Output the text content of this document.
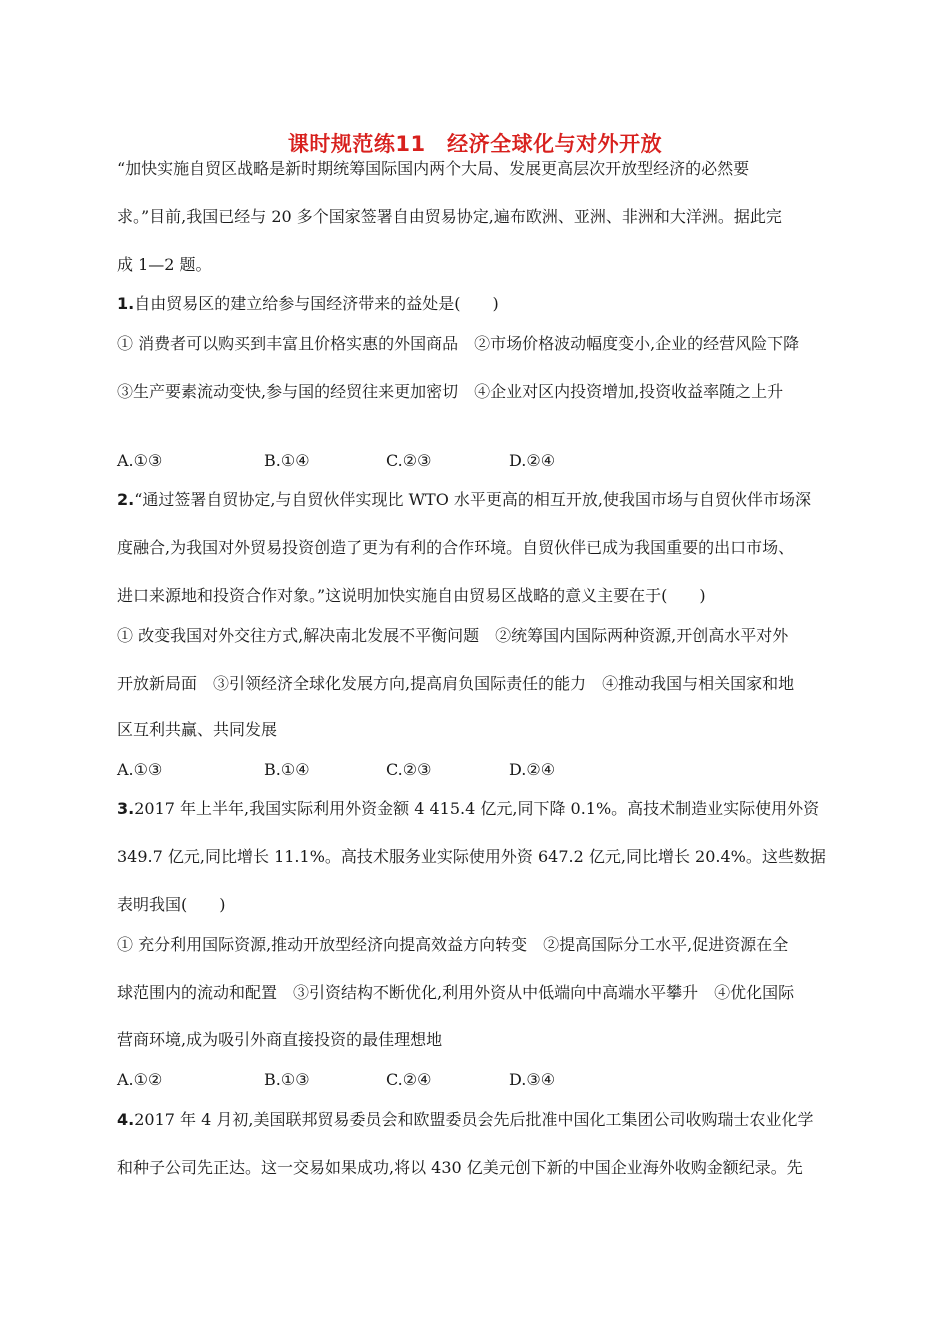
课时规范练11　经济全球化与对外开放
“加快实施自贸区战略是新时期统筹国际国内两个大局、发展更高层次开放型经济的必然要
求。”目前,我国已经与 20 多个国家签署自由贸易协定,遍布欧洲、亚洲、非洲和大洋洲。据此完
成 1—2 题。
1.自由贸易区的建立给参与国经济带来的益处是(　　)
① 消费者可以购买到丰富且价格实惠的外国商品　②市场价格波动幅度变小,企业的经营风险下降
③生产要素流动变快,参与国的经贸往来更加密切　④企业对区内投资增加,投资收益率随之上升
A.①③	B.①④	C.②③	D.②④
2.“通过签署自贸协定,与自贸伙伴实现比 WTO 水平更高的相互开放,使我国市场与自贸伙伴市场深
度融合,为我国对外贸易投资创造了更为有利的合作环境。自贸伙伴已成为我国重要的出口市场、
进口来源地和投资合作对象。”这说明加快实施自由贸易区战略的意义主要在于(　　)
① 改变我国对外交往方式,解决南北发展不平衡问题　②统筹国内国际两种资源,开创高水平对外
开放新局面　③引领经济全球化发展方向,提高肩负国际责任的能力　④推动我国与相关国家和地
区互利共赢、共同发展
A.①③	B.①④	C.②③	D.②④
3.2017 年上半年,我国实际利用外资金额 4 415.4 亿元,同下降 0.1%。高技术制造业实际使用外资
349.7 亿元,同比增长 11.1%。高技术服务业实际使用外资 647.2 亿元,同比增长 20.4%。这些数据
表明我国(　　)
① 充分利用国际资源,推动开放型经济向提高效益方向转变　②提高国际分工水平,促进资源在全
球范围内的流动和配置　③引资结构不断优化,利用外资从中低端向中高端水平攀升　④优化国际
营商环境,成为吸引外商直接投资的最佳理想地
A.①②	B.①③	C.②④	D.③④
4.2017 年 4 月初,美国联邦贸易委员会和欧盟委员会先后批准中国化工集团公司收购瑞士农业化学
和种子公司先正达。这一交易如果成功,将以 430 亿美元创下新的中国企业海外收购金额纪录。先
